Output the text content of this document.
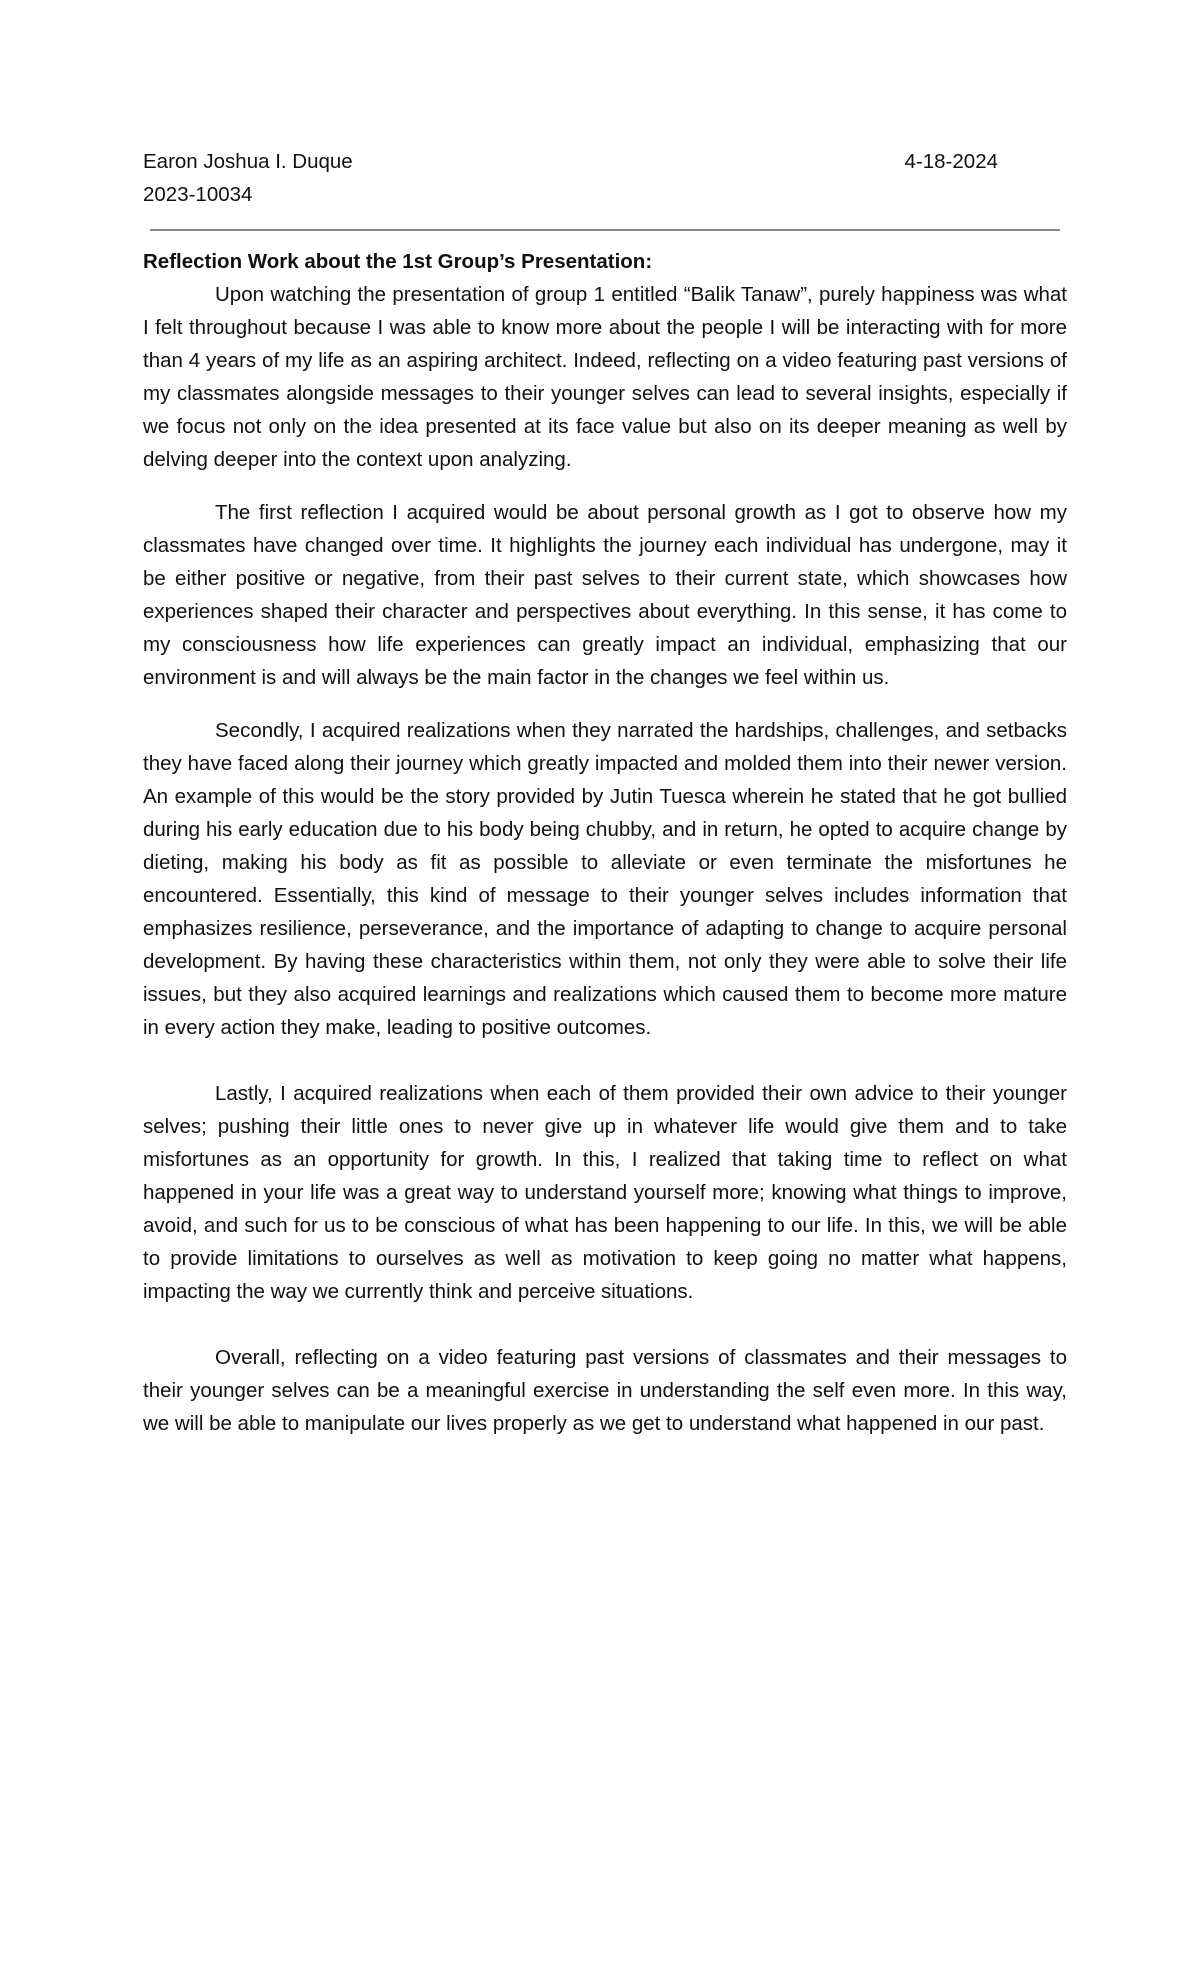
Earon Joshua I. Duque	4-18-2024
2023-10034

Reflection Work about the 1st Group’s Presentation:

Upon watching the presentation of group 1 entitled “Balik Tanaw”, purely happiness was what I felt throughout because I was able to know more about the people I will be interacting with for more than 4 years of my life as an aspiring architect. Indeed, reflecting on a video featuring past versions of my classmates alongside messages to their younger selves can lead to several insights, especially if we focus not only on the idea presented at its face value but also on its deeper meaning as well by delving deeper into the context upon analyzing.

The first reflection I acquired would be about personal growth as I got to observe how my classmates have changed over time. It highlights the journey each individual has undergone, may it be either positive or negative, from their past selves to their current state, which showcases how experiences shaped their character and perspectives about everything. In this sense, it has come to my consciousness how life experiences can greatly impact an individual, emphasizing that our environment is and will always be the main factor in the changes we feel within us.

Secondly, I acquired realizations when they narrated the hardships, challenges, and setbacks they have faced along their journey which greatly impacted and molded them into their newer version. An example of this would be the story provided by Jutin Tuesca wherein he stated that he got bullied during his early education due to his body being chubby, and in return, he opted to acquire change by dieting, making his body as fit as possible to alleviate or even terminate the misfortunes he encountered. Essentially, this kind of message to their younger selves includes information that emphasizes resilience, perseverance, and the importance of adapting to change to acquire personal development. By having these characteristics within them, not only they were able to solve their life issues, but they also acquired learnings and realizations which caused them to become more mature in every action they make, leading to positive outcomes.

Lastly, I acquired realizations when each of them provided their own advice to their younger selves; pushing their little ones to never give up in whatever life would give them and to take misfortunes as an opportunity for growth. In this, I realized that taking time to reflect on what happened in your life was a great way to understand yourself more; knowing what things to improve, avoid, and such for us to be conscious of what has been happening to our life. In this, we will be able to provide limitations to ourselves as well as motivation to keep going no matter what happens, impacting the way we currently think and perceive situations.

Overall, reflecting on a video featuring past versions of classmates and their messages to their younger selves can be a meaningful exercise in understanding the self even more. In this way, we will be able to manipulate our lives properly as we get to understand what happened in our past.
